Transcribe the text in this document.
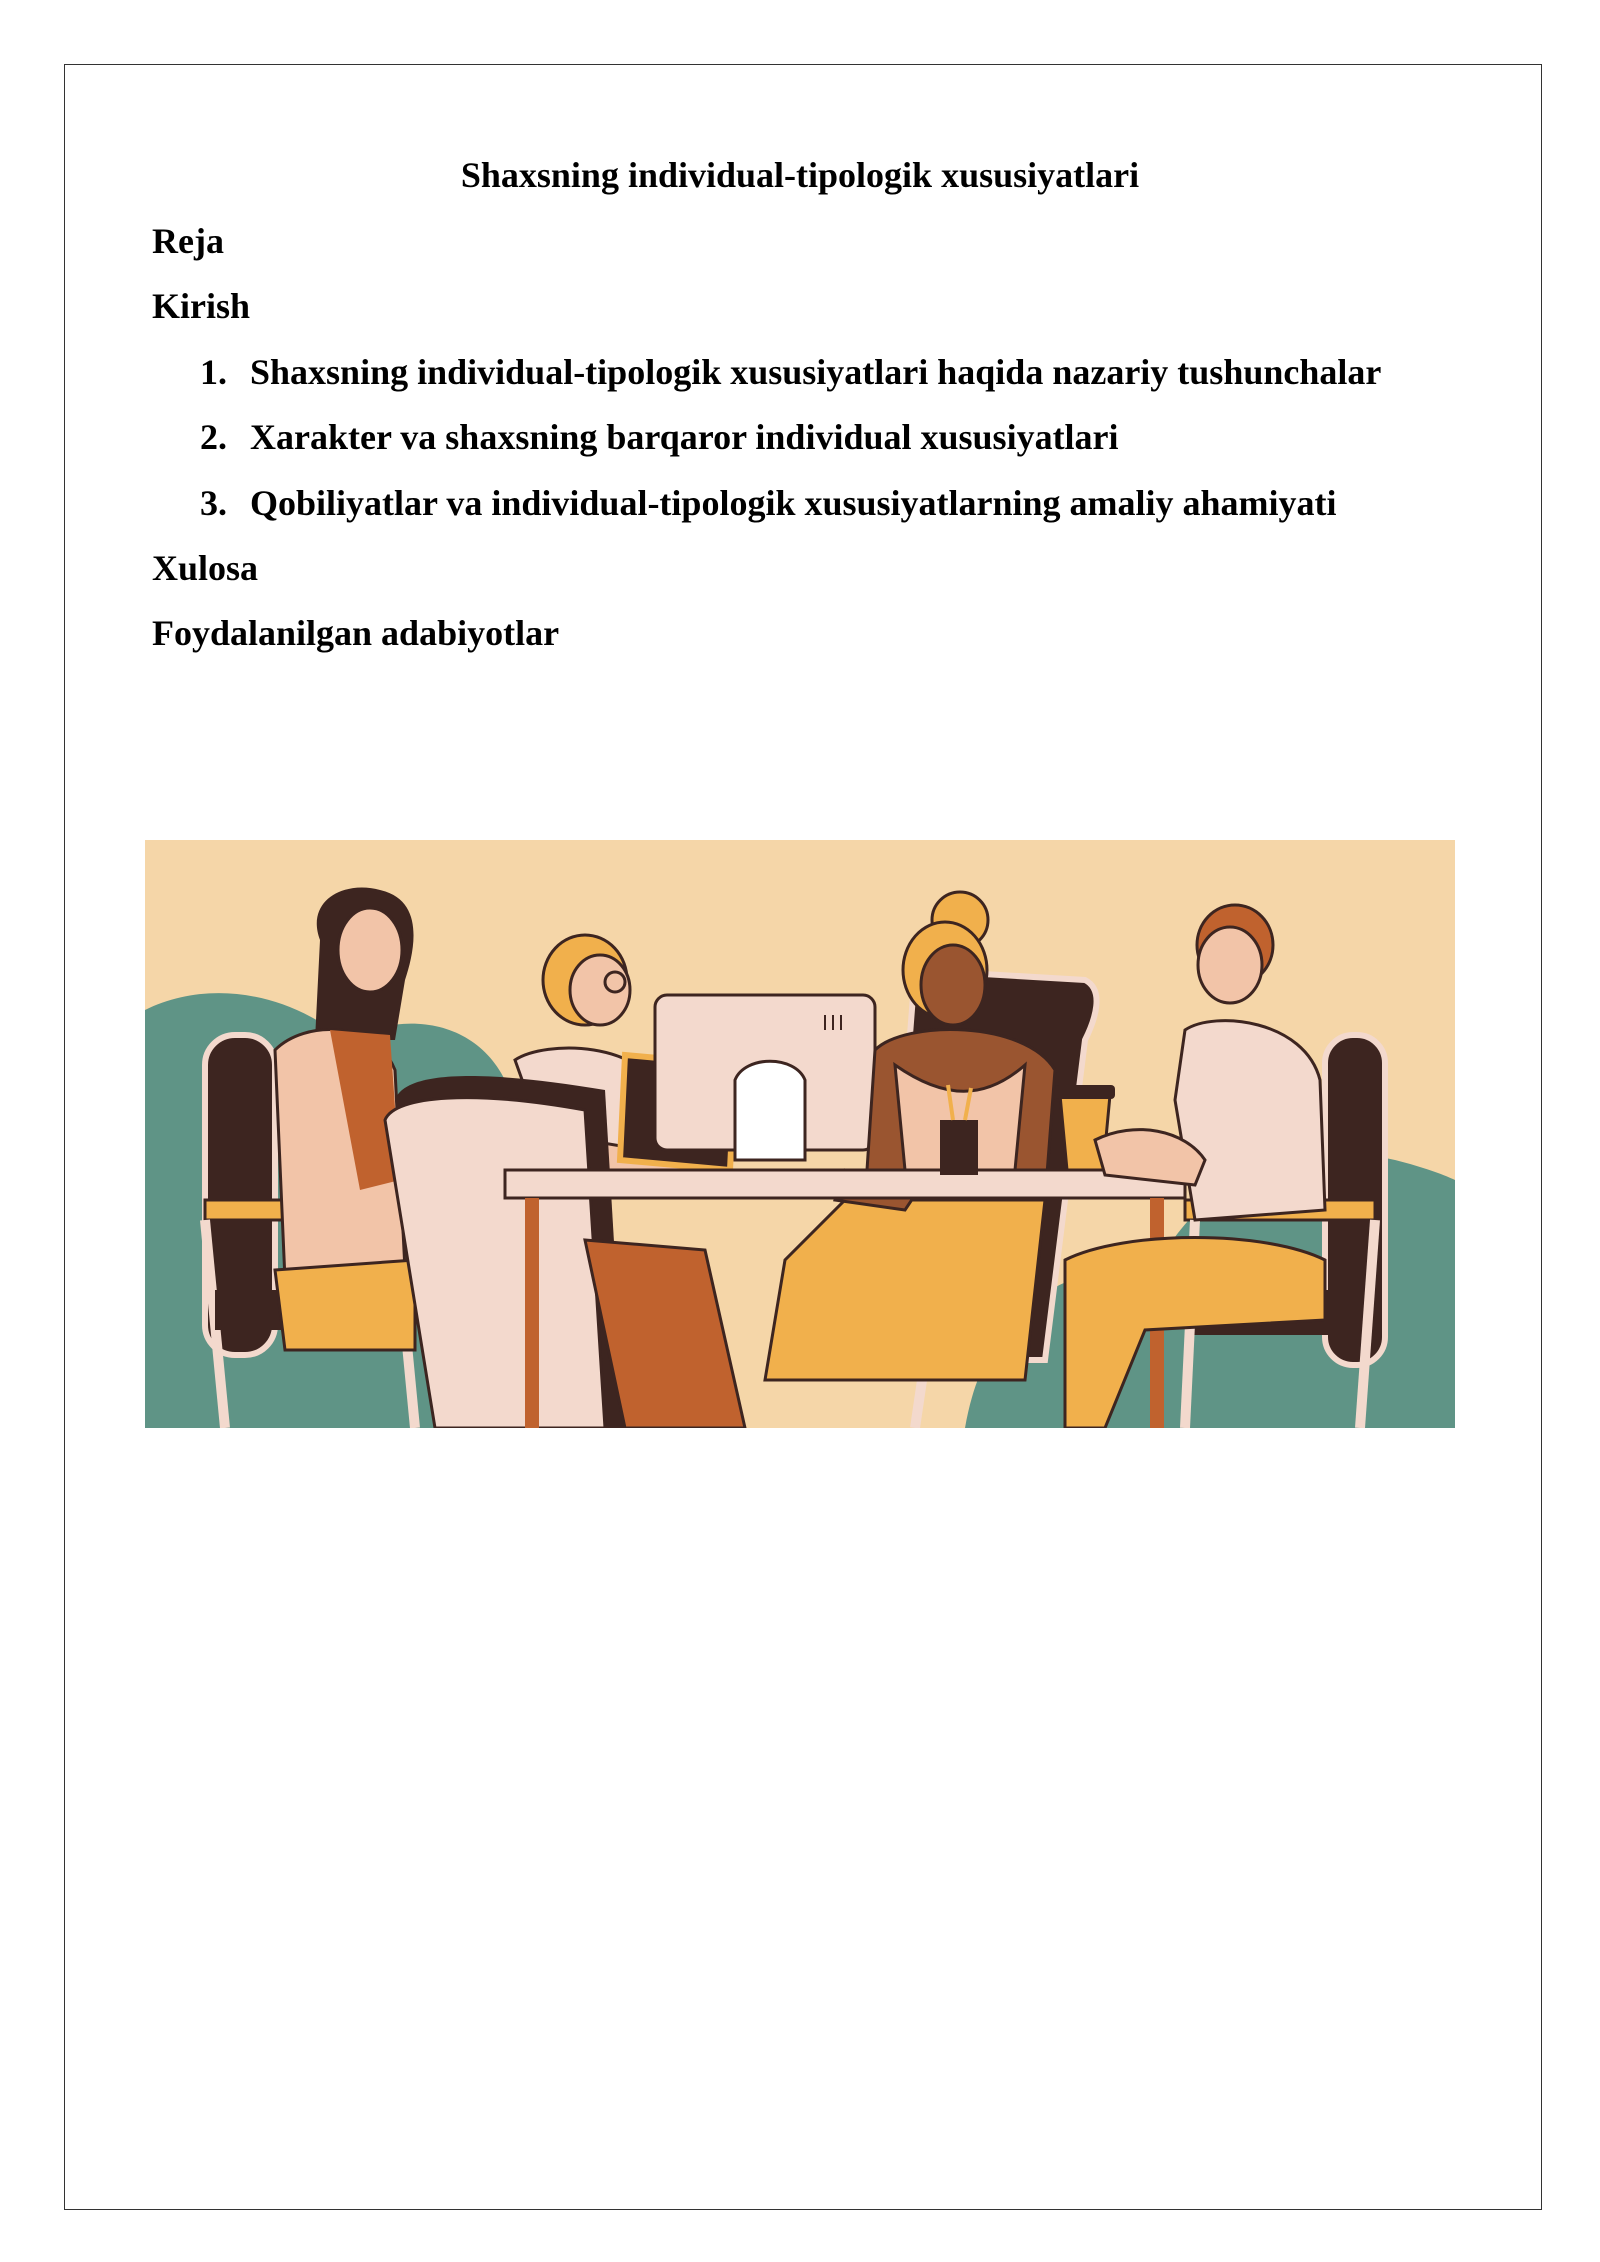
Shaxsning individual-tipologik xususiyatlari

Reja

Kirish

1. Shaxsning individual-tipologik xususiyatlari haqida nazariy tushunchalar
2. Xarakter va shaxsning barqaror individual xususiyatlari
3. Qobiliyatlar va individual-tipologik xususiyatlarning amaliy ahamiyati

Xulosa

Foydalanilgan adabiyotlar
